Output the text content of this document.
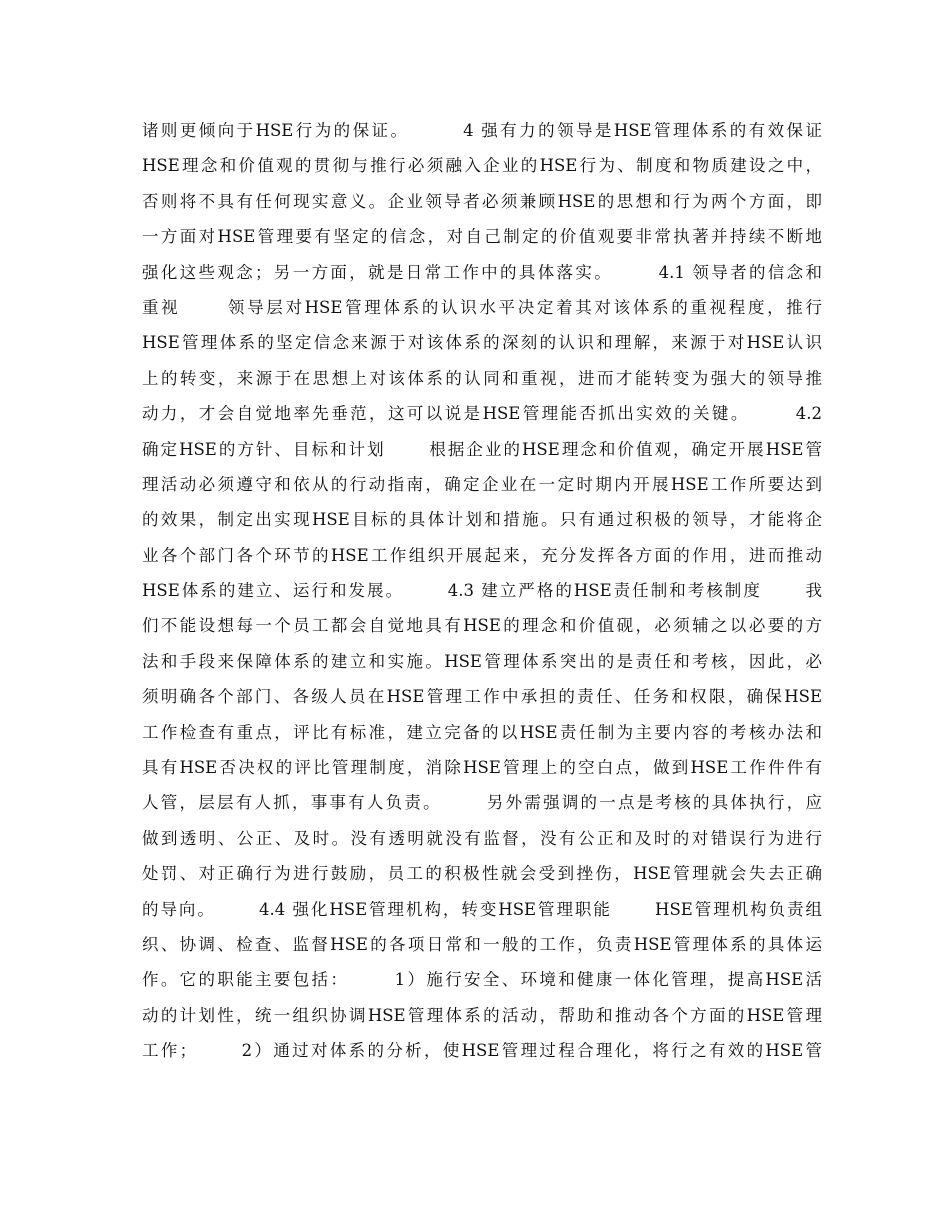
诸则更倾向于HSE行为的保证。       4 强有力的领导是HSE管理体系的有效保证
HSE理念和价值观的贯彻与推行必须融入企业的HSE行为、制度和物质建设之中，
否则将不具有任何现实意义。企业领导者必须兼顾HSE的思想和行为两个方面，即
一方面对HSE管理要有坚定的信念，对自己制定的价值观要非常执著并持续不断地
强化这些观念；另一方面，就是日常工作中的具体落实。      4.1 领导者的信念和
重视      领导层对HSE管理体系的认识水平决定着其对该体系的重视程度，推行
HSE管理体系的坚定信念来源于对该体系的深刻的认识和理解，来源于对HSE认识
上的转变，来源于在思想上对该体系的认同和重视，进而才能转变为强大的领导推
动力，才会自觉地率先垂范，这可以说是HSE管理能否抓出实效的关键。      4.2
确定HSE的方针、目标和计划      根据企业的HSE理念和价值观，确定开展HSE管
理活动必须遵守和依从的行动指南，确定企业在一定时期内开展HSE工作所要达到
的效果，制定出实现HSE目标的具体计划和措施。只有通过积极的领导，才能将企
业各个部门各个环节的HSE工作组织开展起来，充分发挥各方面的作用，进而推动
HSE体系的建立、运行和发展。      4.3 建立严格的HSE责任制和考核制度      我
们不能设想每一个员工都会自觉地具有HSE的理念和价值砚，必须辅之以必要的方
法和手段来保障体系的建立和实施。HSE管理体系突出的是责任和考核，因此，必
须明确各个部门、各级人员在HSE管理工作中承担的责任、任务和权限，确保HSE
工作检查有重点，评比有标准，建立完备的以HSE责任制为主要内容的考核办法和
具有HSE否决权的评比管理制度，消除HSE管理上的空白点，做到HSE工作件件有
人管，层层有人抓，事事有人负责。      另外需强调的一点是考核的具体执行，应
做到透明、公正、及时。没有透明就没有监督，没有公正和及时的对错误行为进行
处罚、对正确行为进行鼓励，员工的积极性就会受到挫伤，HSE管理就会失去正确
的导向。      4.4 强化HSE管理机构，转变HSE管理职能      HSE管理机构负责组
织、协调、检查、监督HSE的各项日常和一般的工作，负责HSE管理体系的具体运
作。它的职能主要包括：      1）施行安全、环境和健康一体化管理，提高HSE活
动的计划性，统一组织协调HSE管理体系的活动，帮助和推动各个方面的HSE管理
工作；      2）通过对体系的分析，使HSE管理过程合理化，将行之有效的HSE管
